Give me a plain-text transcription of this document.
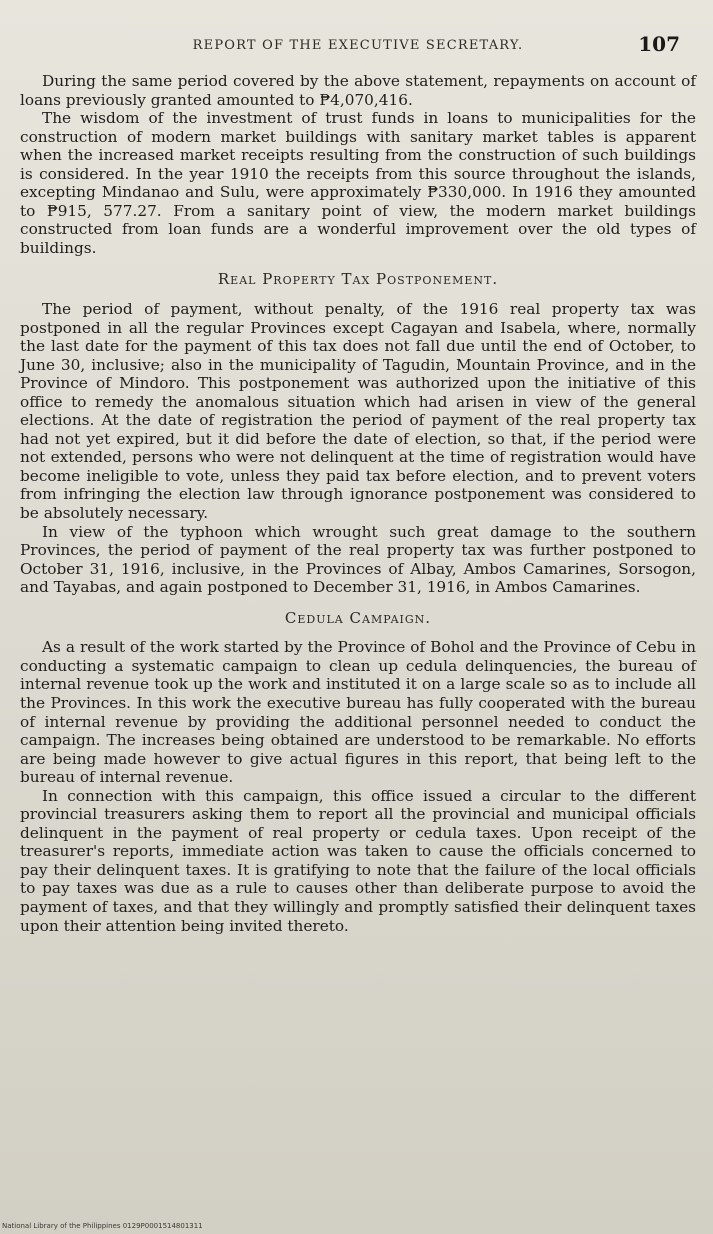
REPORT OF THE EXECUTIVE SECRETARY.	107

During the same period covered by the above statement, repayments on account of loans previously granted amounted to ₱4,070,416.

The wisdom of the investment of trust funds in loans to municipalities for the construction of modern market buildings with sanitary market tables is apparent when the increased market receipts resulting from the construction of such buildings is considered. In the year 1910 the receipts from this source throughout the islands, excepting Mindanao and Sulu, were approximately ₱330,000. In 1916 they amounted to ₱915, 577.27. From a sanitary point of view, the modern market buildings constructed from loan funds are a wonderful improvement over the old types of buildings.

Real Property Tax Postponement.

The period of payment, without penalty, of the 1916 real property tax was postponed in all the regular Provinces except Cagayan and Isabela, where, normally the last date for the payment of this tax does not fall due until the end of October, to June 30, inclusive; also in the municipality of Tagudin, Mountain Province, and in the Province of Mindoro. This postponement was authorized upon the initiative of this office to remedy the anomalous situation which had arisen in view of the general elections. At the date of registration the period of payment of the real property tax had not yet expired, but it did before the date of election, so that, if the period were not extended, persons who were not delinquent at the time of registration would have become ineligible to vote, unless they paid tax before election, and to prevent voters from infringing the election law through ignorance postponement was considered to be absolutely necessary.

In view of the typhoon which wrought such great damage to the southern Provinces, the period of payment of the real property tax was further postponed to October 31, 1916, inclusive, in the Provinces of Albay, Ambos Camarines, Sorsogon, and Tayabas, and again postponed to December 31, 1916, in Ambos Camarines.

Cedula Campaign.

As a result of the work started by the Province of Bohol and the Province of Cebu in conducting a systematic campaign to clean up cedula delinquencies, the bureau of internal revenue took up the work and instituted it on a large scale so as to include all the Provinces. In this work the executive bureau has fully cooperated with the bureau of internal revenue by providing the additional personnel needed to conduct the campaign. The increases being obtained are understood to be remarkable. No efforts are being made however to give actual figures in this report, that being left to the bureau of internal revenue.

In connection with this campaign, this office issued a circular to the different provincial treasurers asking them to report all the provincial and municipal officials delinquent in the payment of real property or cedula taxes. Upon receipt of the treasurer's reports, immediate action was taken to cause the officials concerned to pay their delinquent taxes. It is gratifying to note that the failure of the local officials to pay taxes was due as a rule to causes other than deliberate purpose to avoid the payment of taxes, and that they willingly and promptly satisfied their delinquent taxes upon their attention being invited thereto.

National Library of the Philippines 0129P0001514801311
